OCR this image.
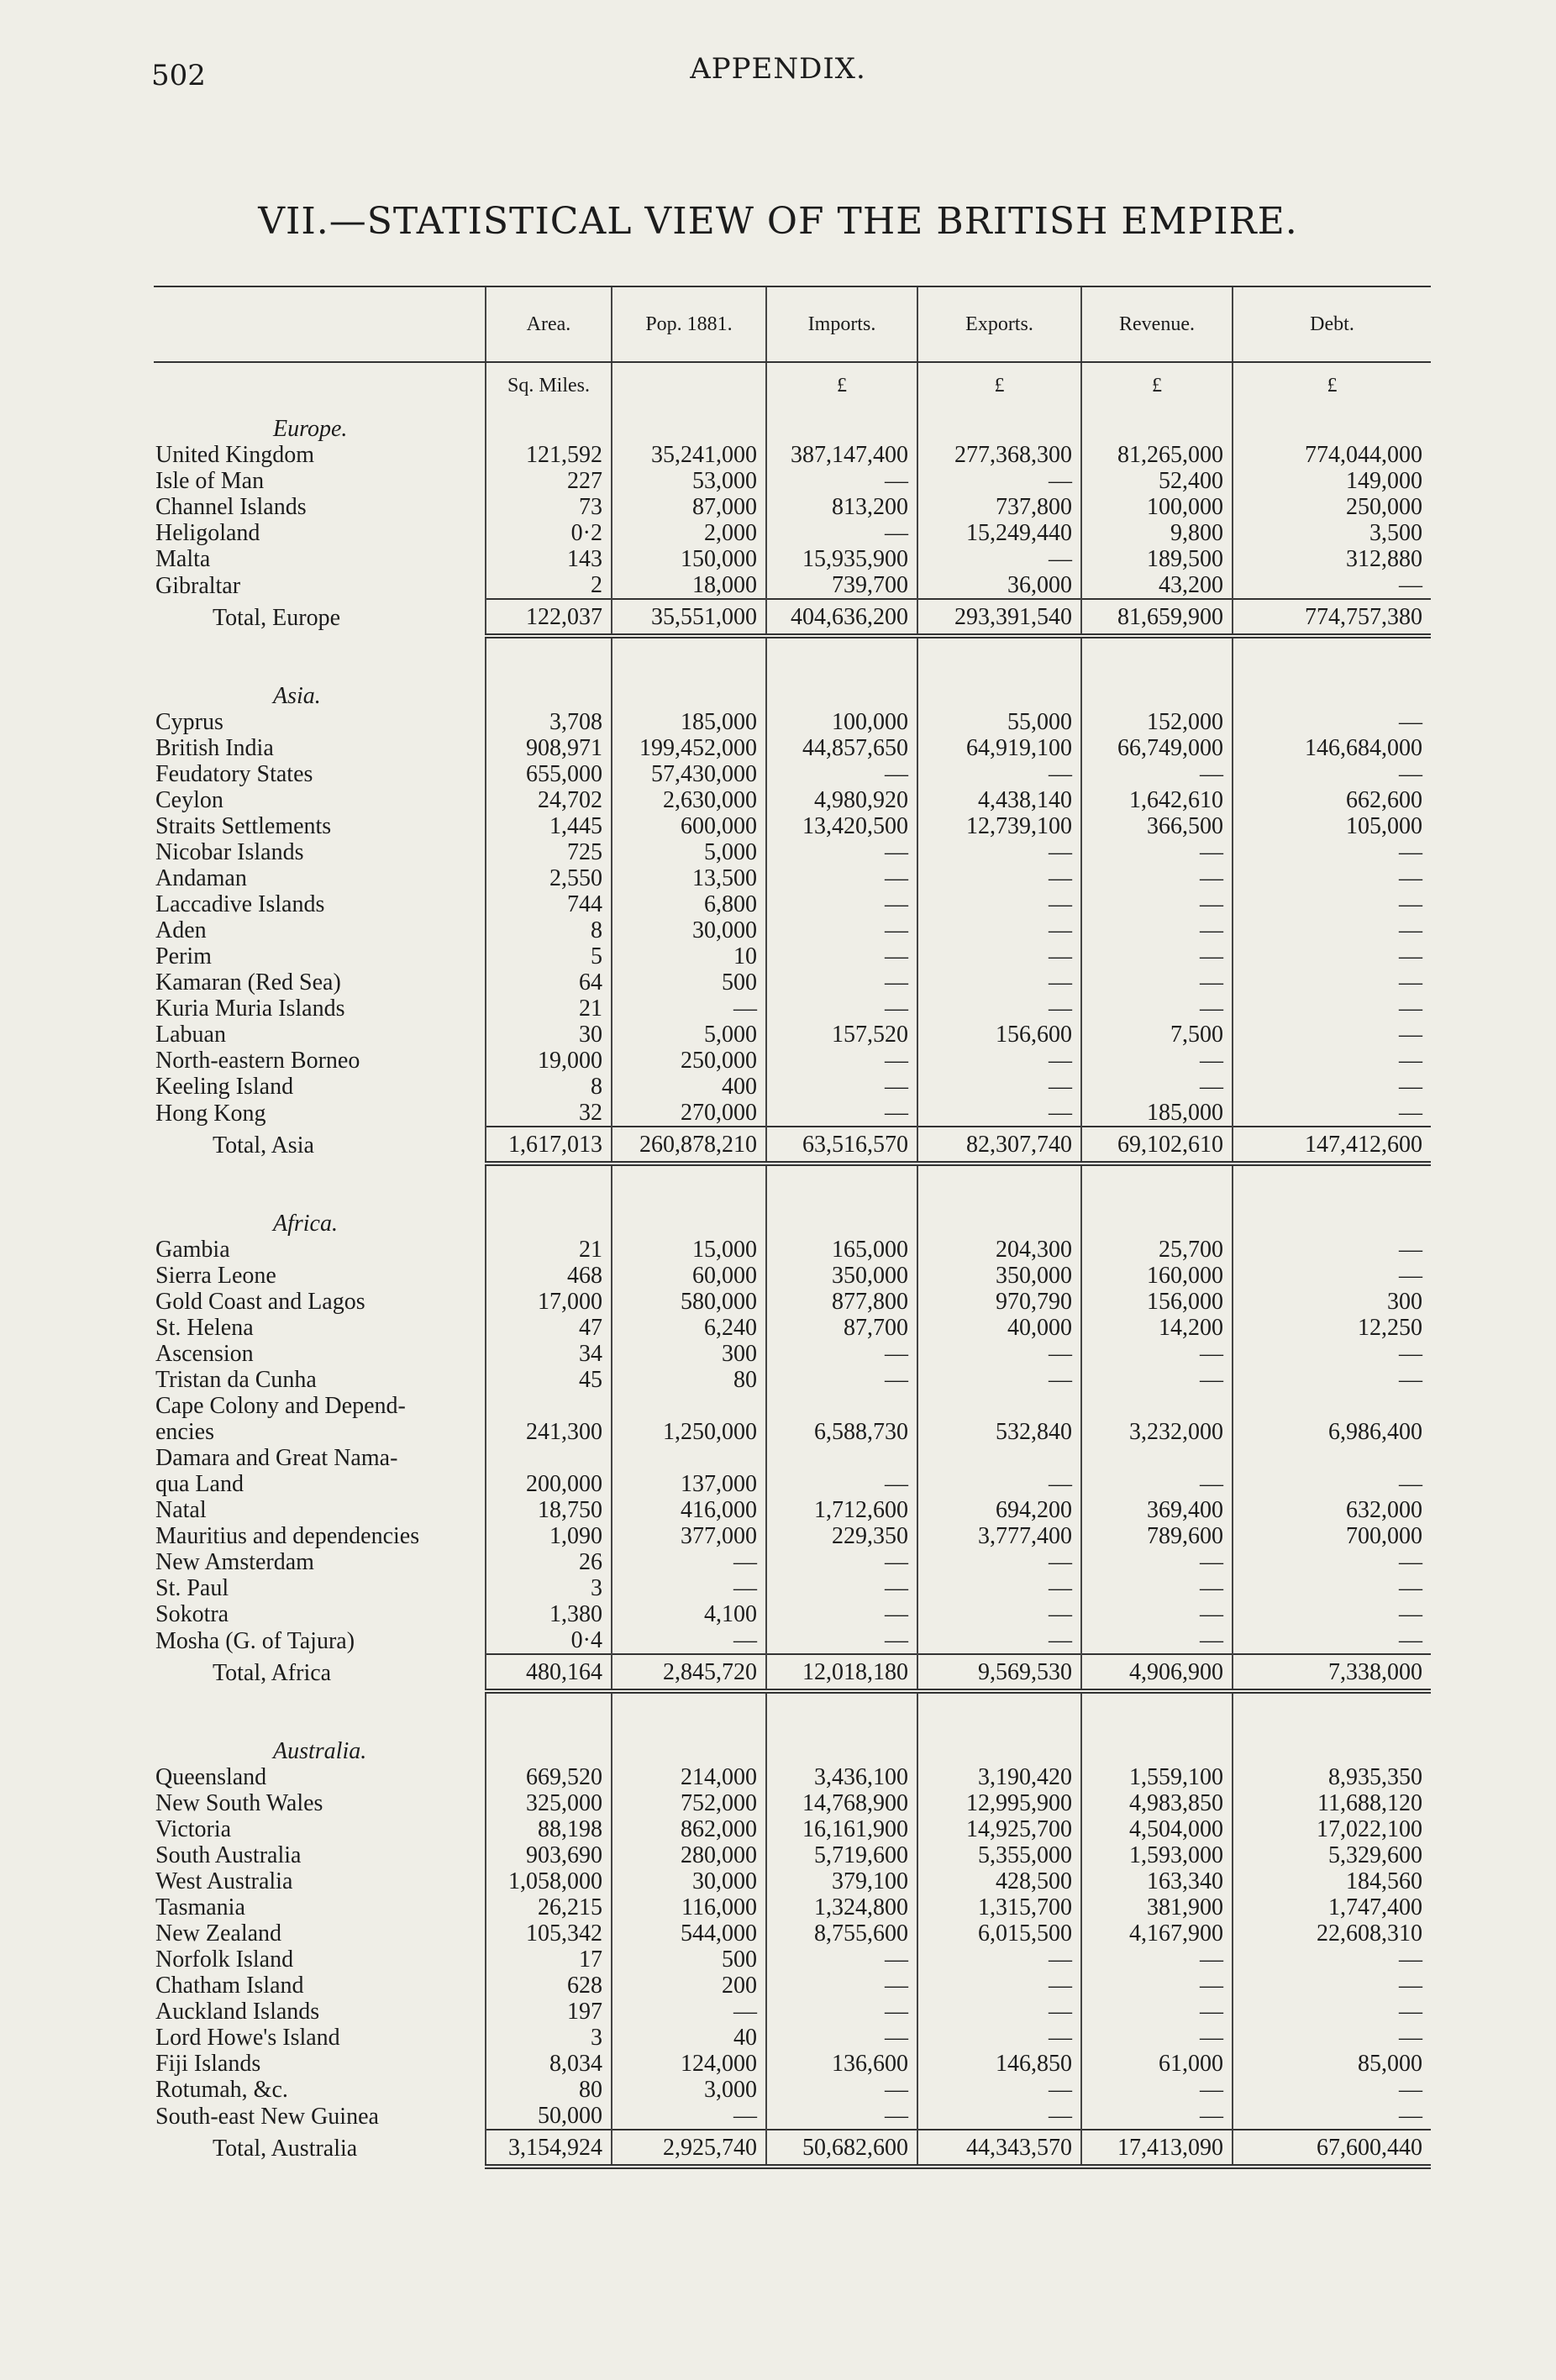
502	APPENDIX.
VII.—STATISTICAL VIEW OF THE BRITISH EMPIRE.
	Area.	Pop. 1881.	Imports.	Exports.	Revenue.	Debt.
	Sq. Miles.		£	£	£	£
Europe.						
United Kingdom	121,592	35,241,000	387,147,400	277,368,300	81,265,000	774,044,000
Isle of Man	227	53,000	—	—	52,400	149,000
Channel Islands	73	87,000	813,200	737,800	100,000	250,000
Heligoland	0·2	2,000	—	15,249,440	9,800	3,500
Malta	143	150,000	15,935,900	—	189,500	312,880
Gibraltar	2	18,000	739,700	36,000	43,200	—
Total, Europe	122,037	35,551,000	404,636,200	293,391,540	81,659,900	774,757,380

Asia.						
Cyprus	3,708	185,000	100,000	55,000	152,000	—
British India	908,971	199,452,000	44,857,650	64,919,100	66,749,000	146,684,000
Feudatory States	655,000	57,430,000	—	—	—	—
Ceylon	24,702	2,630,000	4,980,920	4,438,140	1,642,610	662,600
Straits Settlements	1,445	600,000	13,420,500	12,739,100	366,500	105,000
Nicobar Islands	725	5,000	—	—	—	—
Andaman	2,550	13,500	—	—	—	—
Laccadive Islands	744	6,800	—	—	—	—
Aden	8	30,000	—	—	—	—
Perim	5	10	—	—	—	—
Kamaran (Red Sea)	64	500	—	—	—	—
Kuria Muria Islands	21	—	—	—	—	—
Labuan	30	5,000	157,520	156,600	7,500	—
North-eastern Borneo	19,000	250,000	—	—	—	—
Keeling Island	8	400	—	—	—	—
Hong Kong	32	270,000	—	—	185,000	—
Total, Asia	1,617,013	260,878,210	63,516,570	82,307,740	69,102,610	147,412,600

Africa.						
Gambia	21	15,000	165,000	204,300	25,700	—
Sierra Leone	468	60,000	350,000	350,000	160,000	—
Gold Coast and Lagos	17,000	580,000	877,800	970,790	156,000	300
St. Helena	47	6,240	87,700	40,000	14,200	12,250
Ascension	34	300	—	—	—	—
Tristan da Cunha	45	80	—	—	—	—
Cape Colony and Depend-						
encies	241,300	1,250,000	6,588,730	532,840	3,232,000	6,986,400
Damara and Great Nama-						
qua Land	200,000	137,000	—	—	—	—
Natal	18,750	416,000	1,712,600	694,200	369,400	632,000
Mauritius and dependencies	1,090	377,000	229,350	3,777,400	789,600	700,000
New Amsterdam	26	—	—	—	—	—
St. Paul	3	—	—	—	—	—
Sokotra	1,380	4,100	—	—	—	—
Mosha (G. of Tajura)	0·4	—	—	—	—	—
Total, Africa	480,164	2,845,720	12,018,180	9,569,530	4,906,900	7,338,000

Australia.						
Queensland	669,520	214,000	3,436,100	3,190,420	1,559,100	8,935,350
New South Wales	325,000	752,000	14,768,900	12,995,900	4,983,850	11,688,120
Victoria	88,198	862,000	16,161,900	14,925,700	4,504,000	17,022,100
South Australia	903,690	280,000	5,719,600	5,355,000	1,593,000	5,329,600
West Australia	1,058,000	30,000	379,100	428,500	163,340	184,560
Tasmania	26,215	116,000	1,324,800	1,315,700	381,900	1,747,400
New Zealand	105,342	544,000	8,755,600	6,015,500	4,167,900	22,608,310
Norfolk Island	17	500	—	—	—	—
Chatham Island	628	200	—	—	—	—
Auckland Islands	197	—	—	—	—	—
Lord Howe's Island	3	40	—	—	—	—
Fiji Islands	8,034	124,000	136,600	146,850	61,000	85,000
Rotumah, &c.	80	3,000	—	—	—	—
South-east New Guinea	50,000	—	—	—	—	—
Total, Australia	3,154,924	2,925,740	50,682,600	44,343,570	17,413,090	67,600,440
